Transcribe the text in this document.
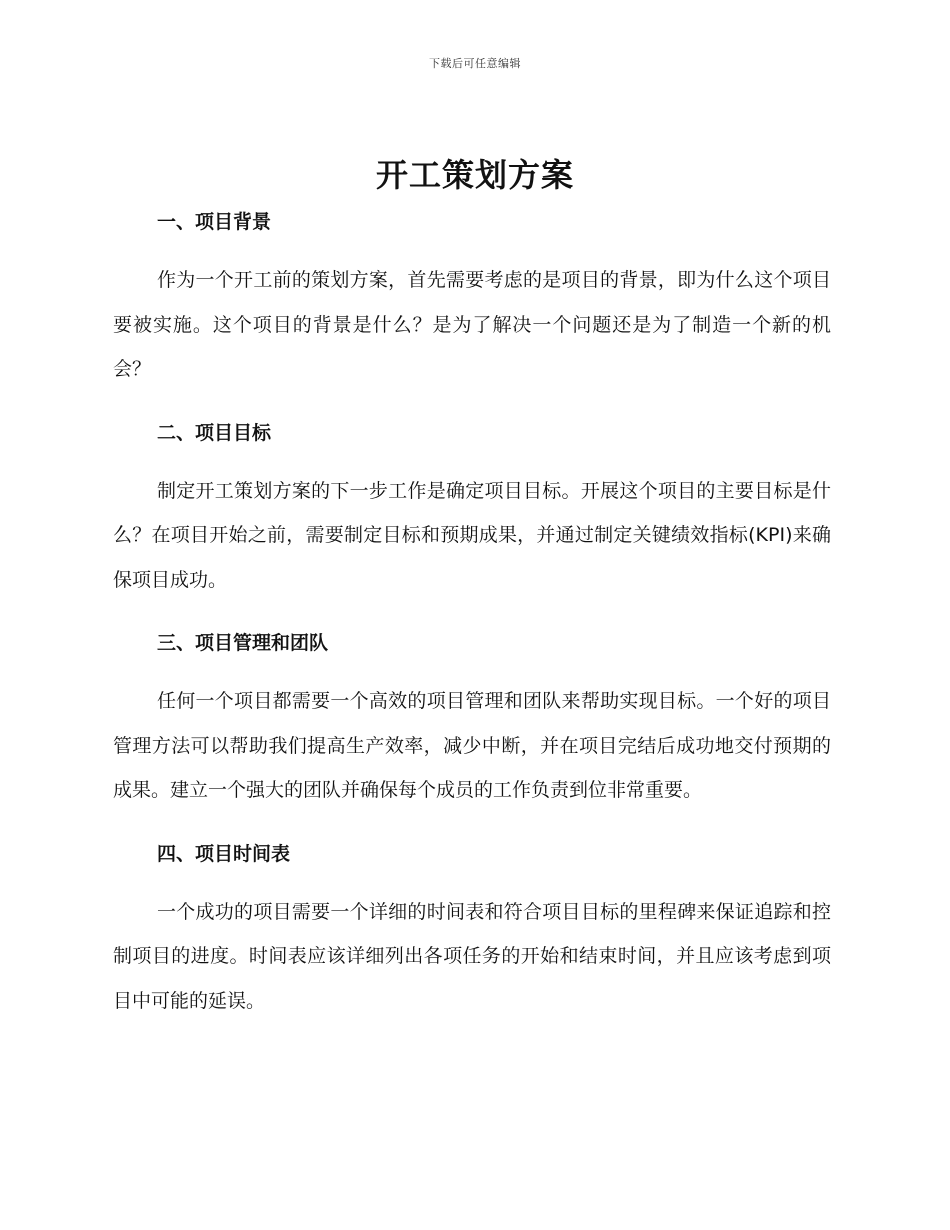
下载后可任意编辑
开工策划方案
一、项目背景

作为一个开工前的策划方案，首先需要考虑的是项目的背景，即为什么这个项目要被实施。这个项目的背景是什么？是为了解决一个问题还是为了制造一个新的机会？

二、项目目标

制定开工策划方案的下一步工作是确定项目目标。开展这个项目的主要目标是什么？在项目开始之前，需要制定目标和预期成果，并通过制定关键绩效指标(KPI)来确保项目成功。

三、项目管理和团队

任何一个项目都需要一个高效的项目管理和团队来帮助实现目标。一个好的项目管理方法可以帮助我们提高生产效率，减少中断，并在项目完结后成功地交付预期的成果。建立一个强大的团队并确保每个成员的工作负责到位非常重要。

四、项目时间表

一个成功的项目需要一个详细的时间表和符合项目目标的里程碑来保证追踪和控制项目的进度。时间表应该详细列出各项任务的开始和结束时间，并且应该考虑到项目中可能的延误。
